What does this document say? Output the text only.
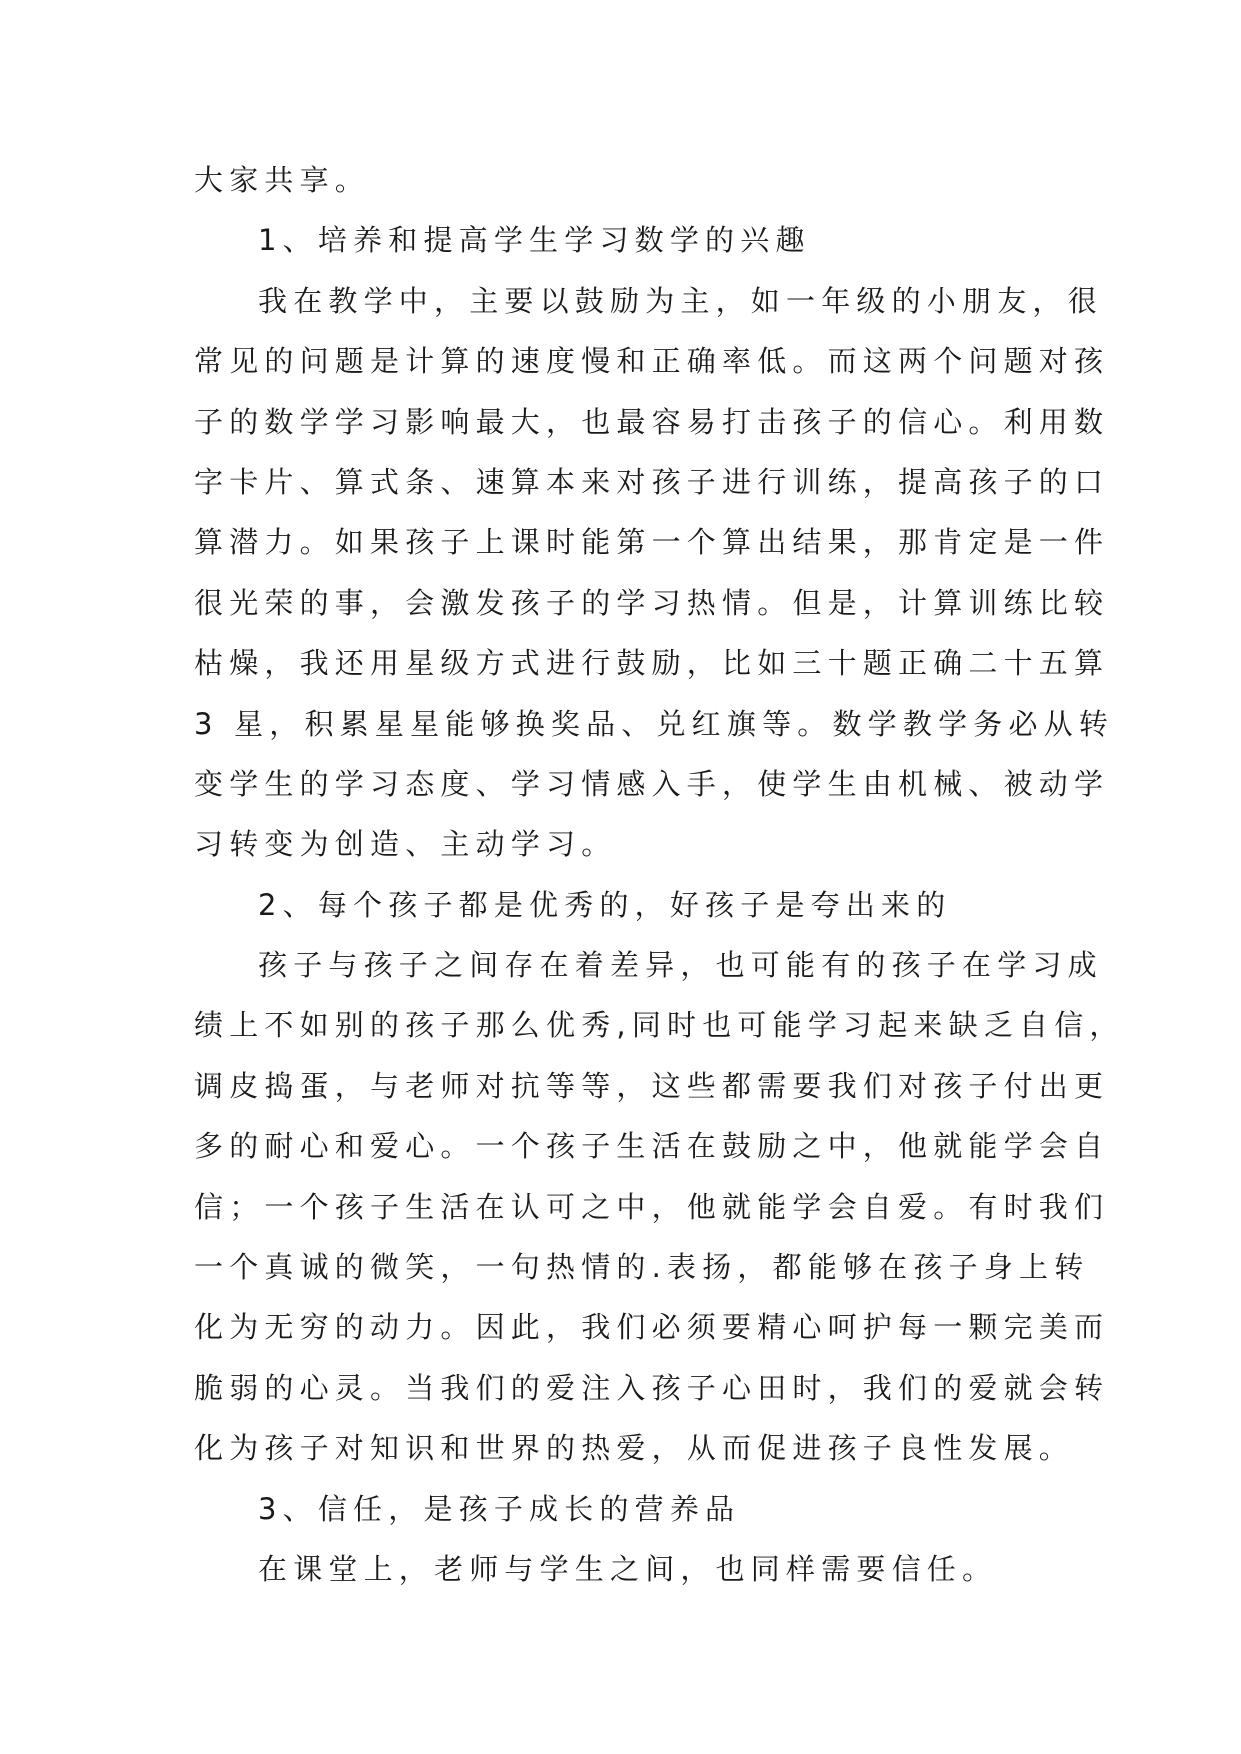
大家共享。
1、培养和提高学生学习数学的兴趣
我在教学中，主要以鼓励为主，如一年级的小朋友，很
常见的问题是计算的速度慢和正确率低。而这两个问题对孩
子的数学学习影响最大，也最容易打击孩子的信心。利用数
字卡片、算式条、速算本来对孩子进行训练，提高孩子的口
算潜力。如果孩子上课时能第一个算出结果，那肯定是一件
很光荣的事，会激发孩子的学习热情。但是，计算训练比较
枯燥，我还用星级方式进行鼓励，比如三十题正确二十五算
3 星，积累星星能够换奖品、兑红旗等。数学教学务必从转
变学生的学习态度、学习情感入手，使学生由机械、被动学
习转变为创造、主动学习。
2、每个孩子都是优秀的，好孩子是夸出来的
孩子与孩子之间存在着差异，也可能有的孩子在学习成
绩上不如别的孩子那么优秀,同时也可能学习起来缺乏自信，
调皮捣蛋，与老师对抗等等，这些都需要我们对孩子付出更
多的耐心和爱心。一个孩子生活在鼓励之中，他就能学会自
信；一个孩子生活在认可之中，他就能学会自爱。有时我们
一个真诚的微笑，一句热情的.表扬，都能够在孩子身上转
化为无穷的动力。因此，我们必须要精心呵护每一颗完美而
脆弱的心灵。当我们的爱注入孩子心田时，我们的爱就会转
化为孩子对知识和世界的热爱，从而促进孩子良性发展。
3、信任，是孩子成长的营养品
在课堂上，老师与学生之间，也同样需要信任。
